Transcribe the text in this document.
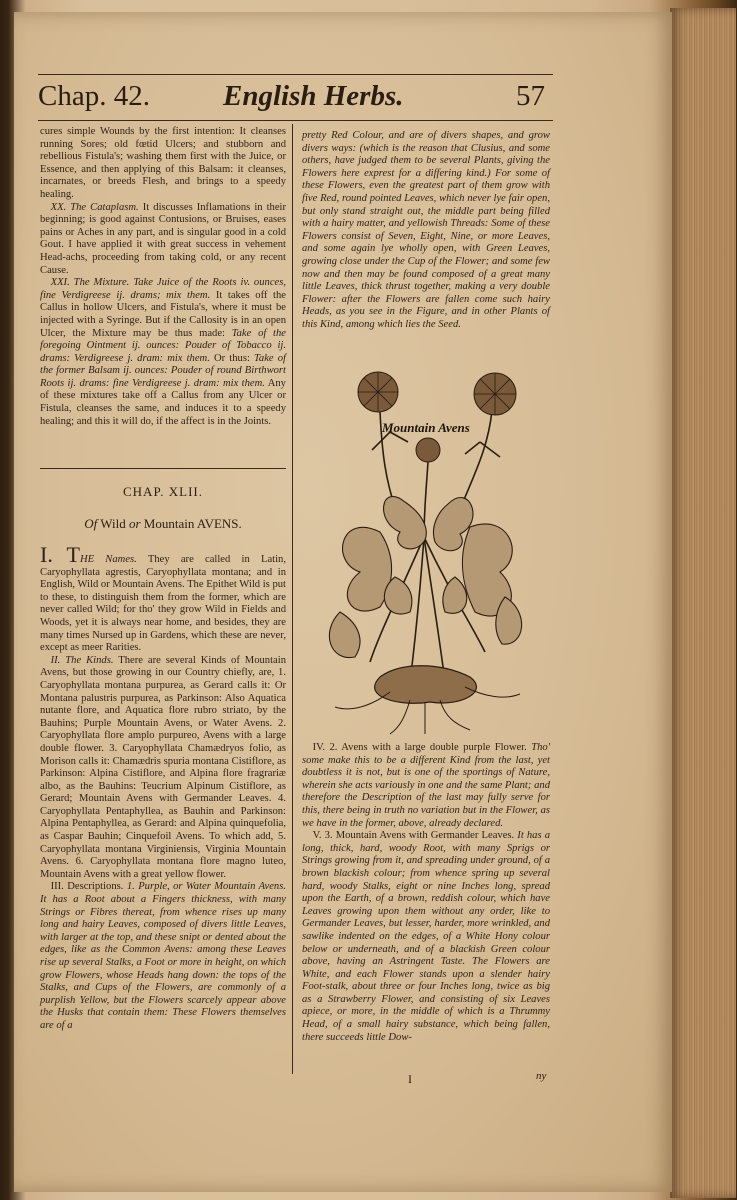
Chap. 42.	English Herbs.	57

cures simple Wounds by the first intention: It cleanses running Sores; old fœtid Ulcers; and stubborn and rebellious Fistula's; washing them first with the Juice, or Essence, and then applying of this Balsam: it cleanses, incarnates, or breeds Flesh, and brings to a speedy healing.

 XX. The Cataplasm. It discusses Inflamations in their beginning; is good against Contusions, or Bruises, eases pains or Aches in any part, and is singular good in a cold Gout. I have applied it with great success in vehement Head-achs, proceeding from taking cold, or any recent Cause.

 XXI. The Mixture. Take Juice of the Roots iv. ounces, fine Verdigreese ij. drams; mix them. It takes off the Callus in hollow Ulcers, and Fistula's, where it must be injected with a Syringe. But if the Callosity is in an open Ulcer, the Mixture may be thus made: Take of the foregoing Ointment ij. ounces: Pouder of Tobacco ij. drams: Verdigreese j. dram: mix them. Or thus: Take of the former Balsam ij. ounces: Pouder of round Birthwort Roots ij. drams: fine Verdigreese j. dram: mix them. Any of these mixtures take off a Callus from any Ulcer or Fistula, cleanses the same, and induces it to a speedy healing; and this it will do, if the affect is in the Joints.

CHAP. XLII.
Of Wild or Mountain AVENS.

I. THE Names. They are called in Latin, Caryophyllata agrestis, Caryophyllata montana; and in English, Wild or Mountain Avens. The Epithet Wild is put to these, to distinguish them from the former, which are never called Wild; for tho' they grow Wild in Fields and Woods, yet it is always near home, and besides, they are many times Nursed up in Gardens, which these are never, except as meer Rarities.

 II. The Kinds. There are several Kinds of Mountain Avens, but those growing in our Country chiefly, are, 1. Caryophyllata montana purpurea, as Gerard calls it: Or Montana palustris purpurea, as Parkinson: Also Aquatica nutante flore, and Aquatica flore rubro striato, by the Bauhins; Purple Mountain Avens, or Water Avens. 2. Caryophyllata flore amplo purpureo, Avens with a large double flower. 3. Caryophyllata Chamædryos folio, as Morison calls it: Chamædris spuria montana Cistiflore, as Parkinson: Alpina Cistiflore, and Alpina flore fragrariæ albo, as the Bauhins: Teucrium Alpinum Cistiflore, as Gerard; Mountain Avens with Germander Leaves. 4. Caryophyllata Pentaphyllea, as Bauhin and Parkinson: Alpina Pentaphyllea, as Gerard: and Alpina quinquefolia, as Caspar Bauhin; Cinquefoil Avens. To which add, 5. Caryophyllata montana Virginiensis, Virginia Mountain Avens. 6. Caryophyllata montana flore magno luteo, Mountain Avens with a great yellow flower.

 III. Descriptions. 1. Purple, or Water Mountain Avens. It has a Root about a Fingers thickness, with many Strings or Fibres thereat, from whence rises up many long and hairy Leaves, composed of divers little Leaves, with larger at the top, and these snipt or dented about the edges, like as the Common Avens: among these Leaves rise up several Stalks, a Foot or more in height, on which grow Flowers, whose Heads hang down: the tops of the Stalks, and Cups of the Flowers, are commonly of a purplish Yellow, but the Flowers scarcely appear above the Husks that contain them: These Flowers themselves are of a

pretty Red Colour, and are of divers shapes, and grow divers ways: (which is the reason that Clusius, and some others, have judged them to be several Plants, giving the Flowers here exprest for a differing kind.) For some of these Flowers, even the greatest part of them grow with five Red, round pointed Leaves, which never lye fair open, but only stand straight out, the middle part being filled with a hairy matter, and yellowish Threads: Some of these Flowers consist of Seven, Eight, Nine, or more Leaves, and some again lye wholly open, with Green Leaves, growing close under the Cup of the Flower; and some few now and then may be found composed of a great many little Leaves, thick thrust together, making a very double Flower: after the Flowers are fallen come such hairy Heads, as you see in the Figure, and in other Plants of this Kind, among which lies the Seed.

Mountain Avens

 IV. 2. Avens with a large double purple Flower. Tho' some make this to be a different Kind from the last, yet doubtless it is not, but is one of the sportings of Nature, wherein she acts variously in one and the same Plant; and therefore the Description of the last may fully serve for this, there being in truth no variation but in the Flower, as we have in the former, above, already declared.

 V. 3. Mountain Avens with Germander Leaves. It has a long, thick, hard, woody Root, with many Sprigs or Strings growing from it, and spreading under ground, of a brown blackish colour; from whence spring up several hard, woody Stalks, eight or nine Inches long, spread upon the Earth, of a brown, reddish colour, which have Leaves growing upon them without any order, like to Germander Leaves, but lesser, harder, more wrinkled, and sawlike indented on the edges, of a White Hony colour below or underneath, and of a blackish Green colour above, having an Astringent Taste. The Flowers are White, and each Flower stands upon a slender hairy Foot-stalk, about three or four Inches long, twice as big as a Strawberry Flower, and consisting of six Leaves apiece, or more, in the middle of which is a Thrummy Head, of a small hairy substance, which being fallen, there succeeds little Dow-

I	ny
